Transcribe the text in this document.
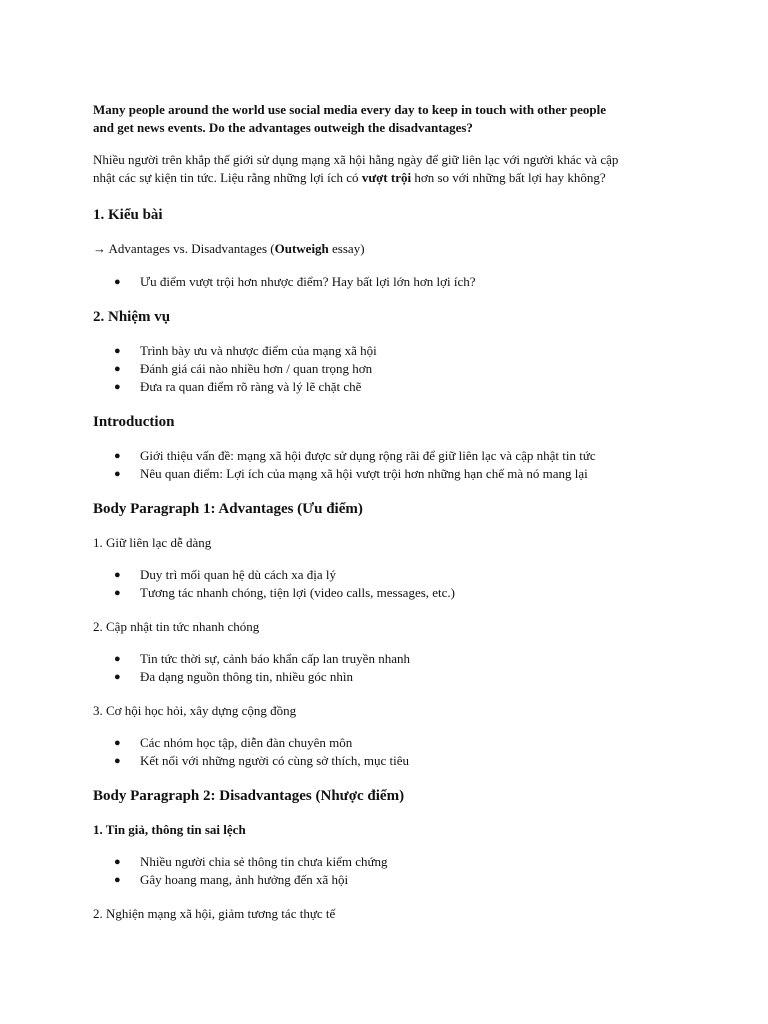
Many people around the world use social media every day to keep in touch with other people
and get news events. Do the advantages outweigh the disadvantages?

Nhiều người trên khắp thế giới sử dụng mạng xã hội hằng ngày để giữ liên lạc với người khác và cập
nhật các sự kiện tin tức. Liệu rằng những lợi ích có vượt trội hơn so với những bất lợi hay không?

1. Kiểu bài

→ Advantages vs. Disadvantages (Outweigh essay)

● Ưu điểm vượt trội hơn nhược điểm? Hay bất lợi lớn hơn lợi ích?
2. Nhiệm vụ
● Trình bày ưu và nhược điểm của mạng xã hội
● Đánh giá cái nào nhiều hơn / quan trọng hơn
● Đưa ra quan điểm rõ ràng và lý lẽ chặt chẽ
Introduction
● Giới thiệu vấn đề: mạng xã hội được sử dụng rộng rãi để giữ liên lạc và cập nhật tin tức
● Nêu quan điểm: Lợi ích của mạng xã hội vượt trội hơn những hạn chế mà nó mang lại
Body Paragraph 1: Advantages (Ưu điểm)

1. Giữ liên lạc dễ dàng

● Duy trì mối quan hệ dù cách xa địa lý
● Tương tác nhanh chóng, tiện lợi (video calls, messages, etc.)

2. Cập nhật tin tức nhanh chóng

● Tin tức thời sự, cảnh báo khẩn cấp lan truyền nhanh
● Đa dạng nguồn thông tin, nhiều góc nhìn

3. Cơ hội học hỏi, xây dựng cộng đồng

● Các nhóm học tập, diễn đàn chuyên môn
● Kết nối với những người có cùng sở thích, mục tiêu
Body Paragraph 2: Disadvantages (Nhược điểm)

1. Tin giả, thông tin sai lệch

● Nhiều người chia sẻ thông tin chưa kiểm chứng
● Gây hoang mang, ảnh hưởng đến xã hội

2. Nghiện mạng xã hội, giảm tương tác thực tế
